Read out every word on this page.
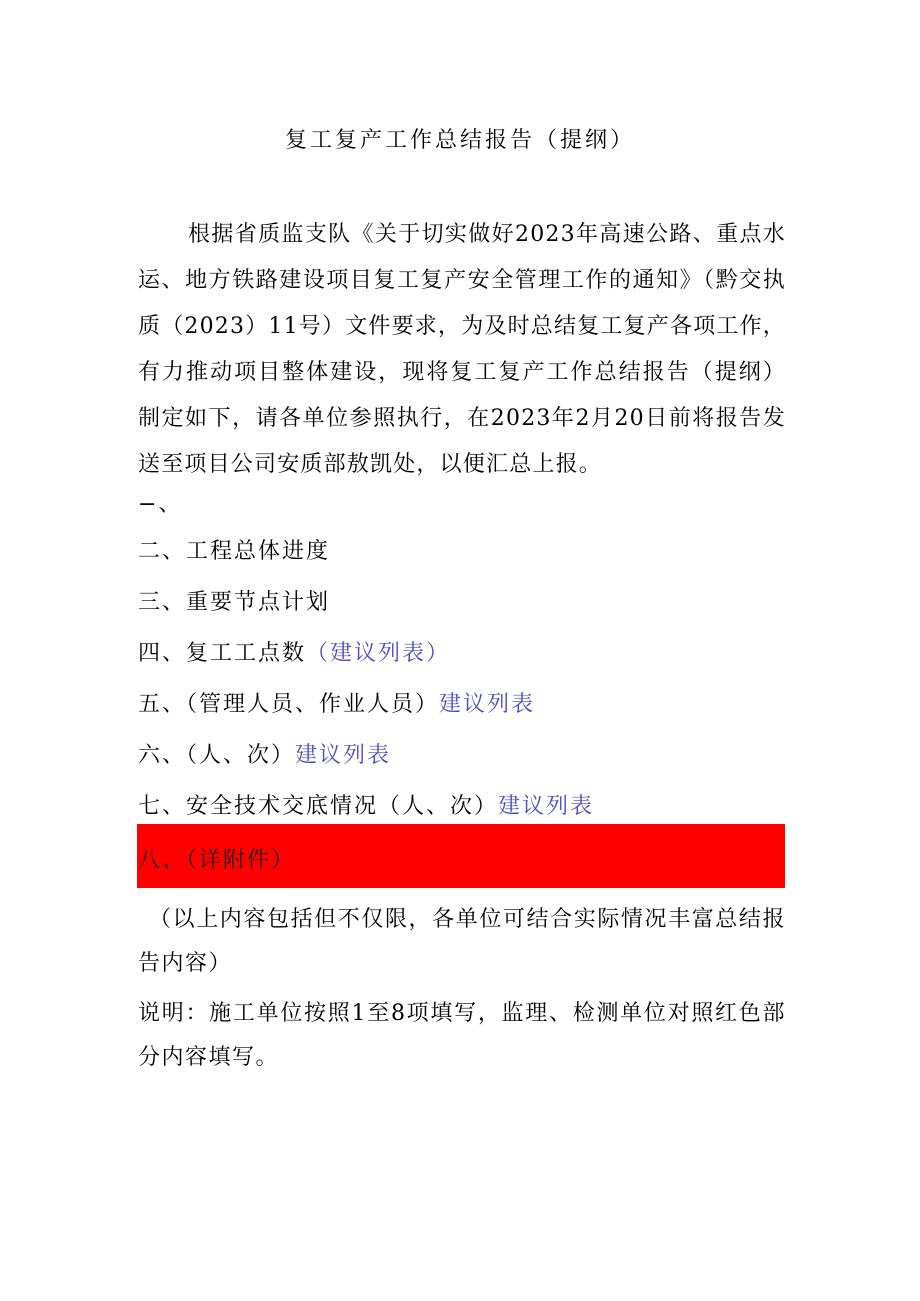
复工复产工作总结报告（提纲）
根据省质监支队《关于切实做好2023年高速公路、重点水运、地方铁路建设项目复工复产安全管理工作的通知》（黔交执质（2023）11号）文件要求，为及时总结复工复产各项工作，有力推动项目整体建设，现将复工复产工作总结报告（提纲）制定如下，请各单位参照执行，在2023年2月20日前将报告发送至项目公司安质部敖凯处，以便汇总上报。
−、
二、工程总体进度
三、重要节点计划
四、复工工点数（建议列表）
五、（管理人员、作业人员）建议列表
六、（人、次）建议列表
七、安全技术交底情况（人、次）建议列表
八、（详附件）
（以上内容包括但不仅限，各单位可结合实际情况丰富总结报告内容）
说明：施工单位按照1至8项填写，监理、检测单位对照红色部分内容填写。
